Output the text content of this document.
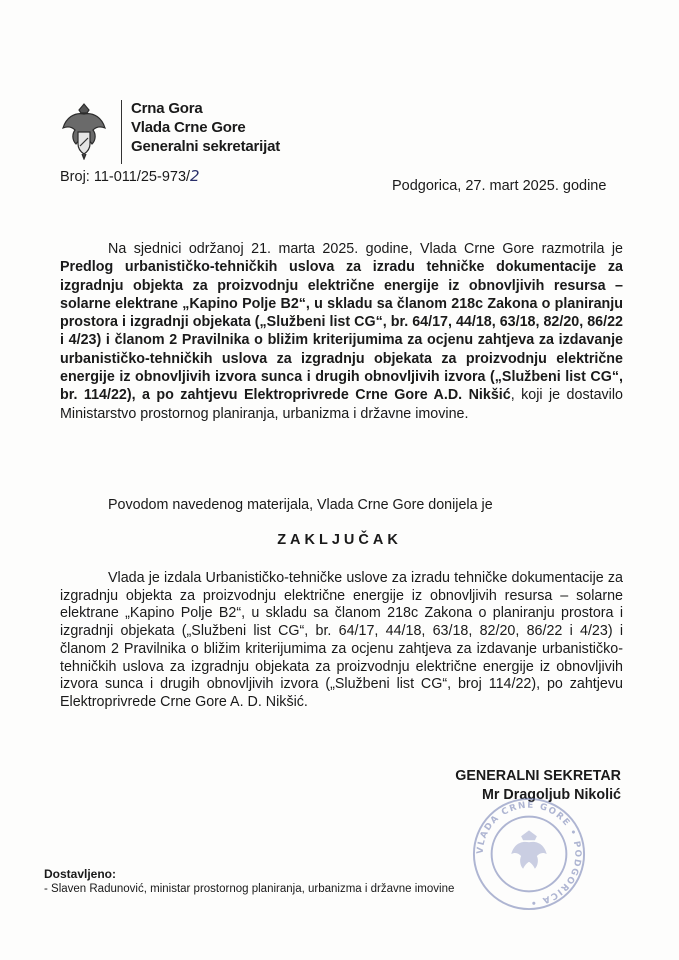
Crna Gora
Vlada Crne Gore
Generalni sekretarijat
Broj: 11-011/25-973/2
Podgorica, 27. mart 2025. godine
Na sjednici održanoj 21. marta 2025. godine, Vlada Crne Gore razmotrila je Predlog urbanističko-tehničkih uslova za izradu tehničke dokumentacije za izgradnju objekta za proizvodnju električne energije iz obnovljivih resursa – solarne elektrane „Kapino Polje B2“, u skladu sa članom 218c Zakona o planiranju prostora i izgradnji objekata („Službeni list CG“, br. 64/17, 44/18, 63/18, 82/20, 86/22 i 4/23) i članom 2 Pravilnika o bližim kriterijumima za ocjenu zahtjeva za izdavanje urbanističko-tehničkih uslova za izgradnju objekata za proizvodnju električne energije iz obnovljivih izvora sunca i drugih obnovljivih izvora („Službeni list CG“, br. 114/22), a po zahtjevu Elektroprivrede Crne Gore A.D. Nikšić, koji je dostavilo Ministarstvo prostornog planiranja, urbanizma i državne imovine.
Povodom navedenog materijala, Vlada Crne Gore donijela je
ZAKLJUČAK
Vlada je izdala Urbanističko-tehničke uslove za izradu tehničke dokumentacije za izgradnju objekta za proizvodnju električne energije iz obnovljivih resursa – solarne elektrane „Kapino Polje B2“, u skladu sa članom 218c Zakona o planiranju prostora i izgradnji objekata („Službeni list CG“, br. 64/17, 44/18, 63/18, 82/20, 86/22 i 4/23) i članom 2 Pravilnika o bližim kriterijumima za ocjenu zahtjeva za izdavanje urbanističko-tehničkih uslova za izgradnju objekata za proizvodnju električne energije iz obnovljivih izvora sunca i drugih obnovljivih izvora („Službeni list CG“, broj 114/22), po zahtjevu Elektroprivrede Crne Gore A. D. Nikšić.
GENERALNI SEKRETAR
Mr Dragoljub Nikolić
VLADA CRNE GORE • PODGORICA •
Dostavljeno:
- Slaven Radunović, ministar prostornog planiranja, urbanizma i državne imovine
